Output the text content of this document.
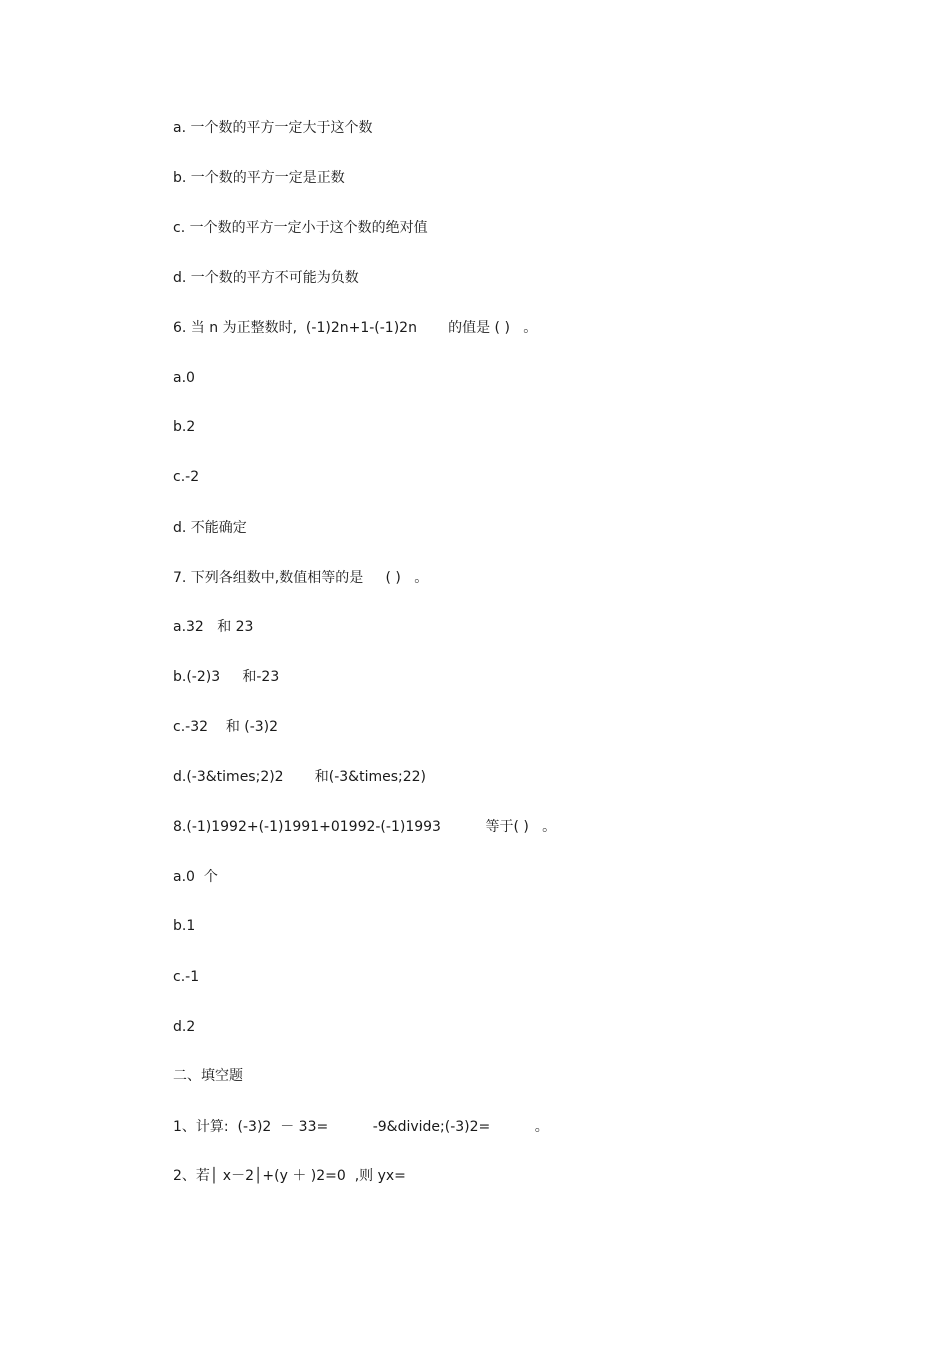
a. 一个数的平方一定大于这个数
b. 一个数的平方一定是正数
c. 一个数的平方一定小于这个数的绝对值
d. 一个数的平方不可能为负数
6. 当 n 为正整数时,  (-1)2n+1-(-1)2n       的值是 ( )   。
a.0
b.2
c.-2
d. 不能确定
7. 下列各组数中,数值相等的是     ( )   。
a.32   和 23
b.(-2)3     和-23
c.-32    和 (-3)2
d.(-3&times;2)2       和(-3&times;22)
8.(-1)1992+(-1)1991+01992-(-1)1993          等于( )   。
a.0  个
b.1
c.-1
d.2
二、填空题
1、计算:  (-3)2  － 33=          -9&divide;(-3)2=          。
2、若│ x－2│+(y ＋ )2=0  ,则 yx=
